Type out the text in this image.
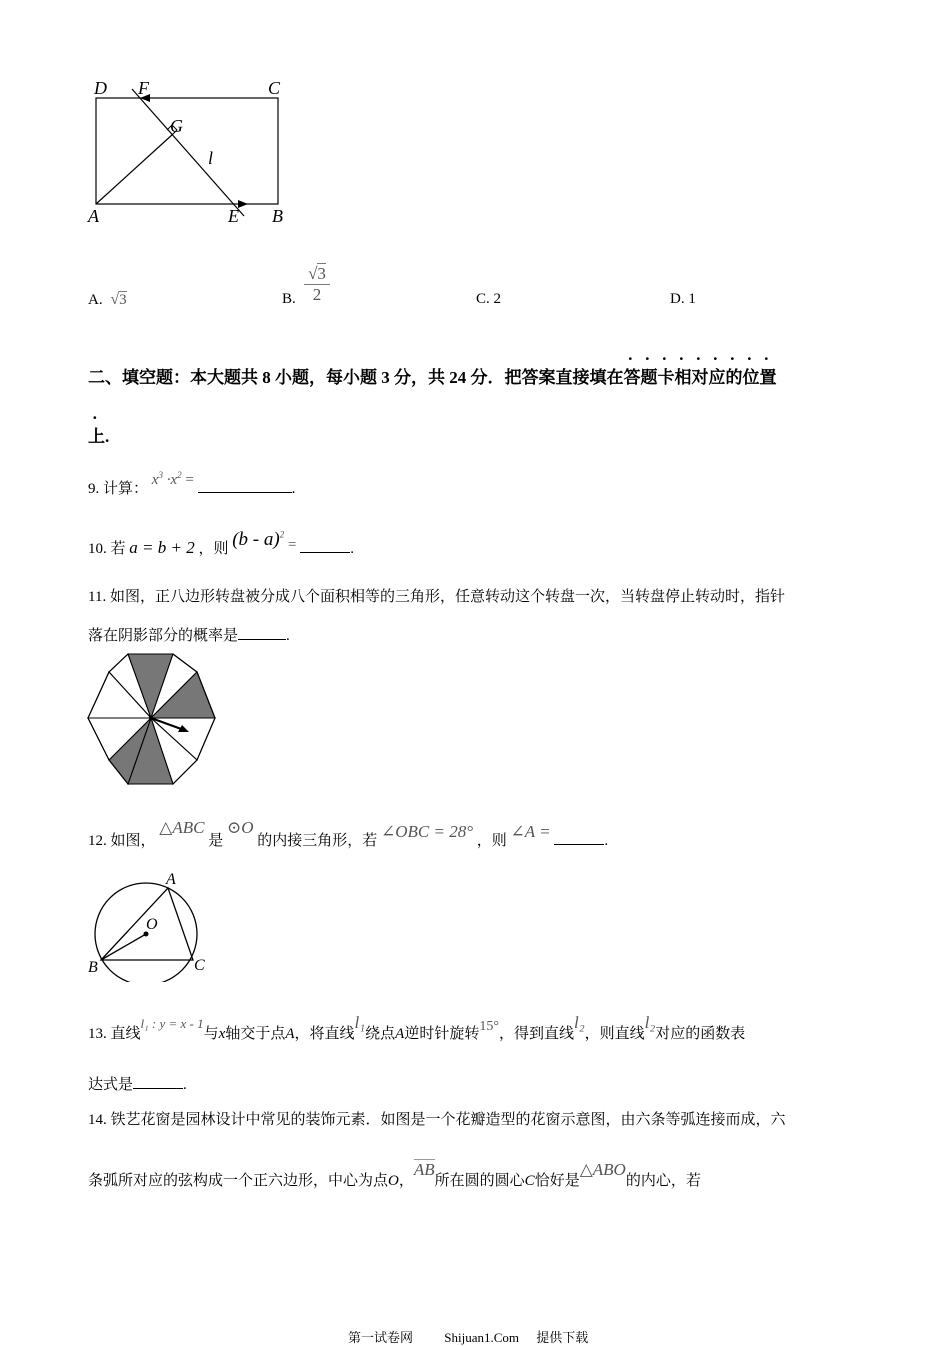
D F	C
G
l
A	E B
A. √3	B. $\frac{√3}{2}$	C. 2	D. 1
二、填空题：本大题共 8 小题，每小题 3 分，共 24 分．把答案直接填在答题卡相对应的位置
上.
9. 计算： $x^3 \cdot x^2$ = .
10. 若 a = b + 2 ，则 (b - a)$^2$ =	.
11. 如图，正八边形转盘被分成八个面积相等的三角形，任意转动这个转盘一次，当转盘停止转动时，指针
落在阴影部分的概率是	.
12. 如图， △ABC 是 ⊙O 的内接三角形，若 ∠OBC = 28° ，则 ∠A =	.
A
O
B	C
13. 直线l₁ : y = x - 1与x轴交于点A，将直线l₁绕点A逆时针旋转15°，得到直线l₂，则直线l₂对应的函数表
达式是	.
14. 铁艺花窗是园林设计中常见的装饰元素．如图是一个花瓣造型的花窗示意图，由六条等弧连接而成，六
条弧所对应的弦构成一个正六边形，中心为点O，AB所在圆的圆心C恰好是△ABO的内心，若
第一试卷网 Shijuan1.Com 提供下载
